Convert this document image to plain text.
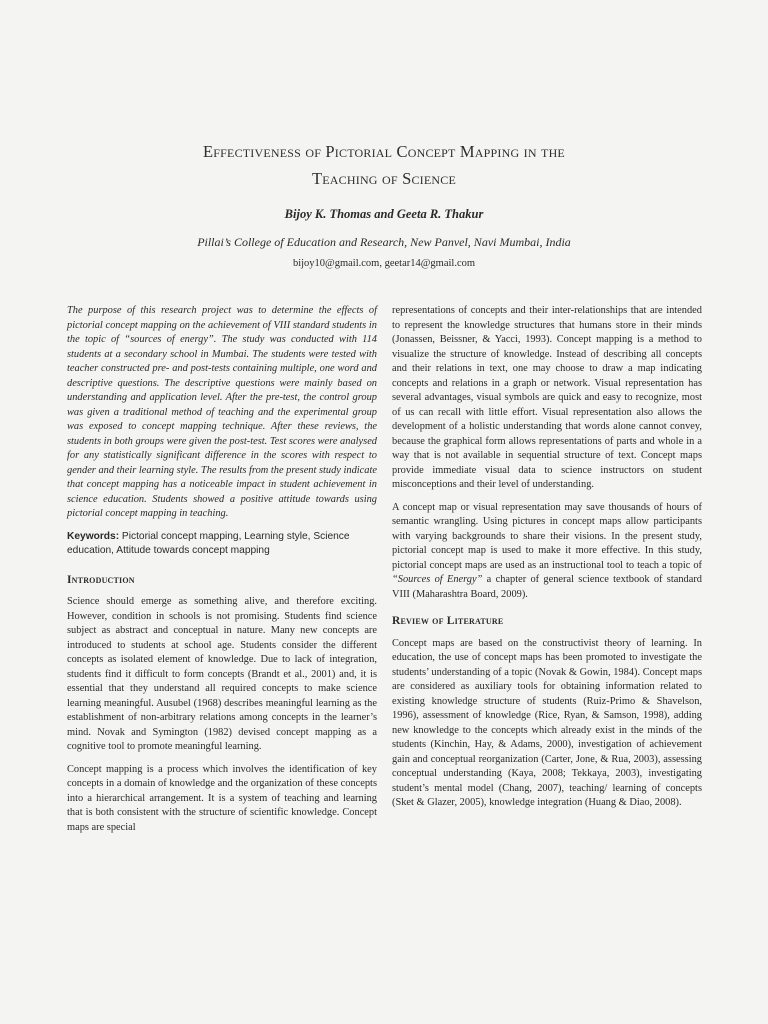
Effectiveness of Pictorial Concept Mapping in the
Teaching of Science
Bijoy K. Thomas and Geeta R. Thakur
Pillai’s College of Education and Research, New Panvel, Navi Mumbai, India
bijoy10@gmail.com, geetar14@gmail.com

The purpose of this research project was to determine the effects of pictorial concept mapping on the achievement of VIII standard students in the topic of “sources of energy”. The study was conducted with 114 students at a secondary school in Mumbai. The students were tested with teacher constructed pre- and post-tests containing multiple, one word and descriptive questions. The descriptive questions were mainly based on understanding and application level. After the pre-test, the control group was given a traditional method of teaching and the experimental group was exposed to concept mapping technique. After these reviews, the students in both groups were given the post-test. Test scores were analysed for any statistically significant difference in the scores with respect to gender and their learning style. The results from the present study indicate that concept mapping has a noticeable impact in student achievement in science education. Students showed a positive attitude towards using pictorial concept mapping in teaching.

Keywords: Pictorial concept mapping, Learning style, Science education, Attitude towards concept mapping

Introduction

Science should emerge as something alive, and therefore exciting. However, condition in schools is not promising. Students find science subject as abstract and conceptual in nature. Many new concepts are introduced to students at school age. Students consider the different concepts as isolated element of knowledge. Due to lack of integration, students find it difficult to form concepts (Brandt et al., 2001) and, it is essential that they understand all required concepts to make science learning meaningful. Ausubel (1968) describes meaningful learning as the establishment of non-arbitrary relations among concepts in the learner’s mind. Novak and Symington (1982) devised concept mapping as a cognitive tool to promote meaningful learning.

Concept mapping is a process which involves the identification of key concepts in a domain of knowledge and the organization of these concepts into a hierarchical arrangement. It is a system of teaching and learning that is both consistent with the structure of scientific knowledge. Concept maps are special

representations of concepts and their inter-relationships that are intended to represent the knowledge structures that humans store in their minds (Jonassen, Beissner, & Yacci, 1993). Concept mapping is a method to visualize the structure of knowledge. Instead of describing all concepts and their relations in text, one may choose to draw a map indicating concepts and relations in a graph or network. Visual representation has several advantages, visual symbols are quick and easy to recognize, most of us can recall with little effort. Visual representation also allows the development of a holistic understanding that words alone cannot convey, because the graphical form allows representations of parts and whole in a way that is not available in sequential structure of text. Concept maps provide immediate visual data to science instructors on student misconceptions and their level of understanding.

A concept map or visual representation may save thousands of hours of semantic wrangling. Using pictures in concept maps allow participants with varying backgrounds to share their visions. In the present study, pictorial concept map is used to make it more effective. In this study, pictorial concept maps are used as an instructional tool to teach a topic of “Sources of Energy” a chapter of general science textbook of standard VIII (Maharashtra Board, 2009).

Review of Literature

Concept maps are based on the constructivist theory of learning. In education, the use of concept maps has been promoted to investigate the students’ understanding of a topic (Novak & Gowin, 1984). Concept maps are considered as auxiliary tools for obtaining information related to existing knowledge structure of students (Ruiz-Primo & Shavelson, 1996), assessment of knowledge (Rice, Ryan, & Samson, 1998), adding new knowledge to the concepts which already exist in the minds of the students (Kinchin, Hay, & Adams, 2000), investigation of achievement gain and conceptual reorganization (Carter, Jone, & Rua, 2003), assessing conceptual understanding (Kaya, 2008; Tekkaya, 2003), investigating student’s mental model (Chang, 2007), teaching/ learning of concepts (Sket & Glazer, 2005), knowledge integration (Huang & Diao, 2008).
